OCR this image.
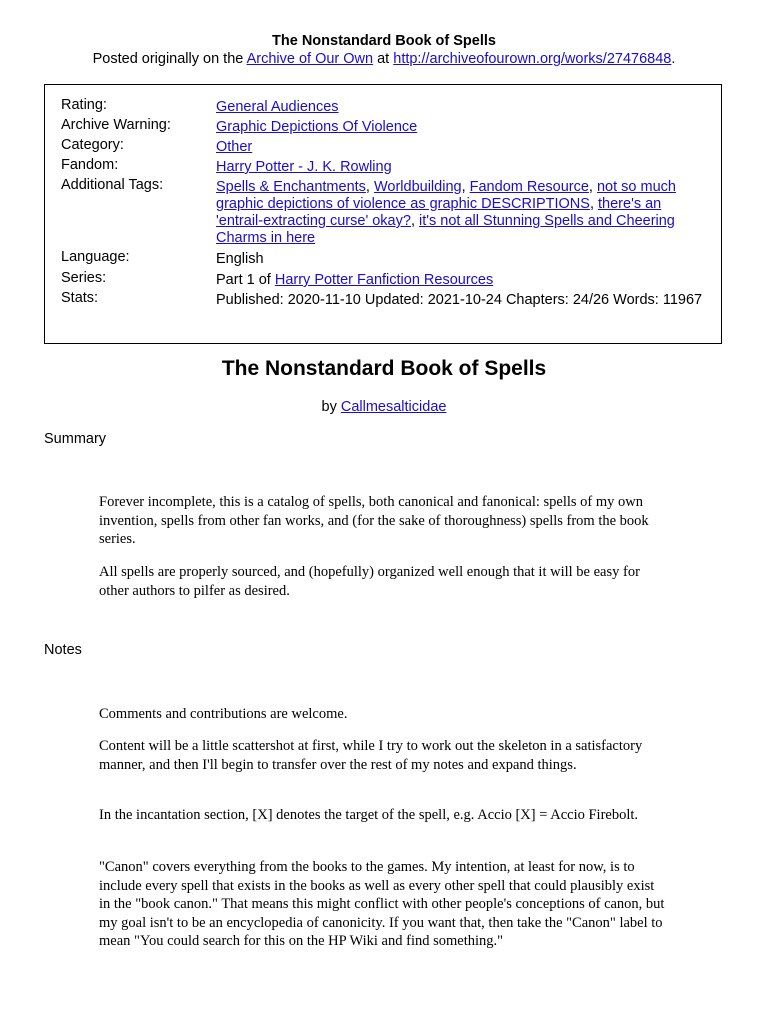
The Nonstandard Book of Spells
Posted originally on the Archive of Our Own at http://archiveofourown.org/works/27476848.
Rating:	General Audiences
Archive Warning:	Graphic Depictions Of Violence
Category:	Other
Fandom:	Harry Potter - J. K. Rowling
Additional Tags:	Spells & Enchantments, Worldbuilding, Fandom Resource, not so much graphic depictions of violence as graphic DESCRIPTIONS, there's an 'entrail-extracting curse' okay?, it's not all Stunning Spells and Cheering Charms in here
Language:	English
Series:	Part 1 of Harry Potter Fanfiction Resources
Stats:	Published: 2020-11-10 Updated: 2021-10-24 Chapters: 24/26 Words: 11967
The Nonstandard Book of Spells
by Callmesalticidae
Summary
Forever incomplete, this is a catalog of spells, both canonical and fanonical: spells of my own invention, spells from other fan works, and (for the sake of thoroughness) spells from the book series.
All spells are properly sourced, and (hopefully) organized well enough that it will be easy for other authors to pilfer as desired.
Notes
Comments and contributions are welcome.
Content will be a little scattershot at first, while I try to work out the skeleton in a satisfactory manner, and then I'll begin to transfer over the rest of my notes and expand things.
In the incantation section, [X] denotes the target of the spell, e.g. Accio [X] = Accio Firebolt.
"Canon" covers everything from the books to the games. My intention, at least for now, is to include every spell that exists in the books as well as every other spell that could plausibly exist in the "book canon." That means this might conflict with other people's conceptions of canon, but my goal isn't to be an encyclopedia of canonicity. If you want that, then take the "Canon" label to mean "You could search for this on the HP Wiki and find something."
